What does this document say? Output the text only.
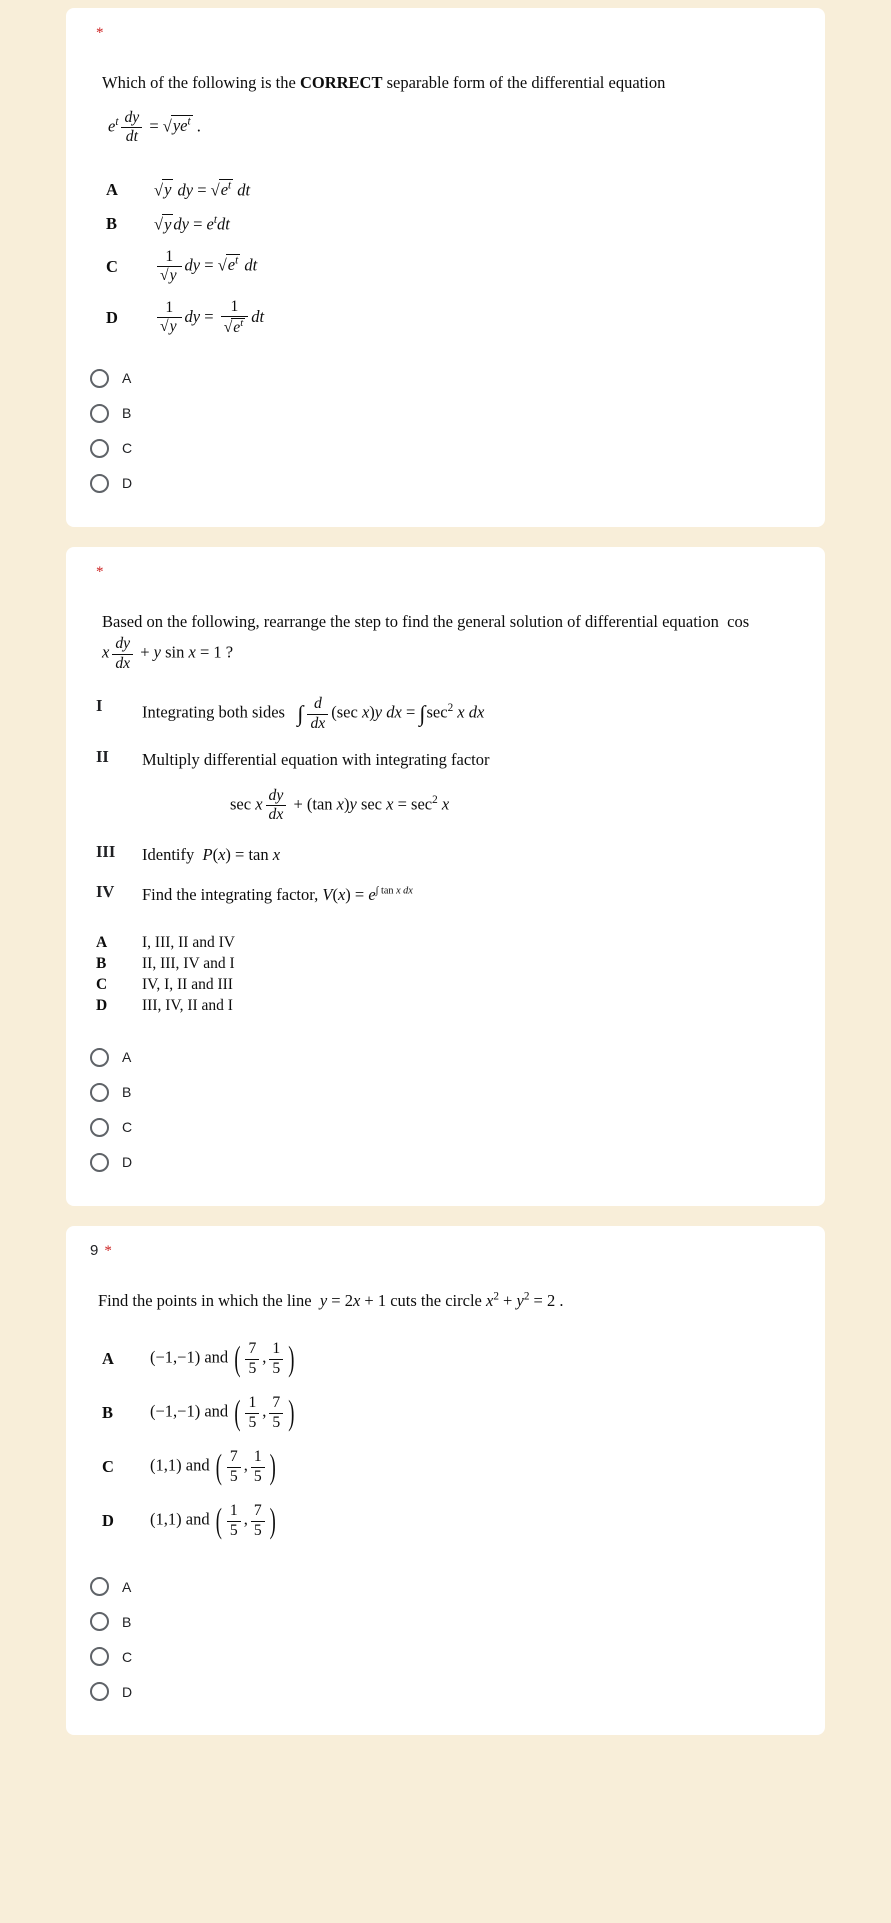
*
Which of the following is the CORRECT separable form of the differential equation
$e^t \frac{dy}{dt}$ = √ $ye^t$ .
A	√ y dy = √ $e^t$ dt
B	√ y dy = $e^tdt$
C	$\frac{1}{√ y}$ dy = √ $e^t$ dt
D	$\frac{1}{√ y}$ dy = $\frac{1}{√ e^t}$ dt
A
B
C
D
*
Based on the following, rearrange the step to find the general solution of differential equation  cos x $\frac{dy}{dx} + y$ sin x = 1 ?
I	Integrating both sides   ∫ $\frac{d}{dx} (\sec$ x)y dx = $\int\sec^2$ x dx
II	Multiply differential equation with integrating factor
sec x $\frac{dy}{dx} + (\tan$ x)y $\sec x = \sec^2 x$
III	Identify  P(x) = tan x
IV	Find the integrating factor, $V(x) = e^{\int tan x dx}$
A	I, III, II and IV
B	II, III, IV and I
C	IV, I, II and III
D	III, IV, II and I
A
B
C
D
9 *
Find the points in which the line  y = 2x + 1 cuts the circle $x^2 + y^2 = 2$ .
A	(−1,−1) and ( $\frac{7}{5}$ , $\frac{1}{5}$ )
B	(−1,−1) and ( $\frac{1}{5}$ , $\frac{7}{5}$ )
C	(1,1) and ( $\frac{7}{5}$ , $\frac{1}{5}$ )
D	(1,1) and ( $\frac{1}{5}$ , $\frac{7}{5}$ )
A
B
C
D
